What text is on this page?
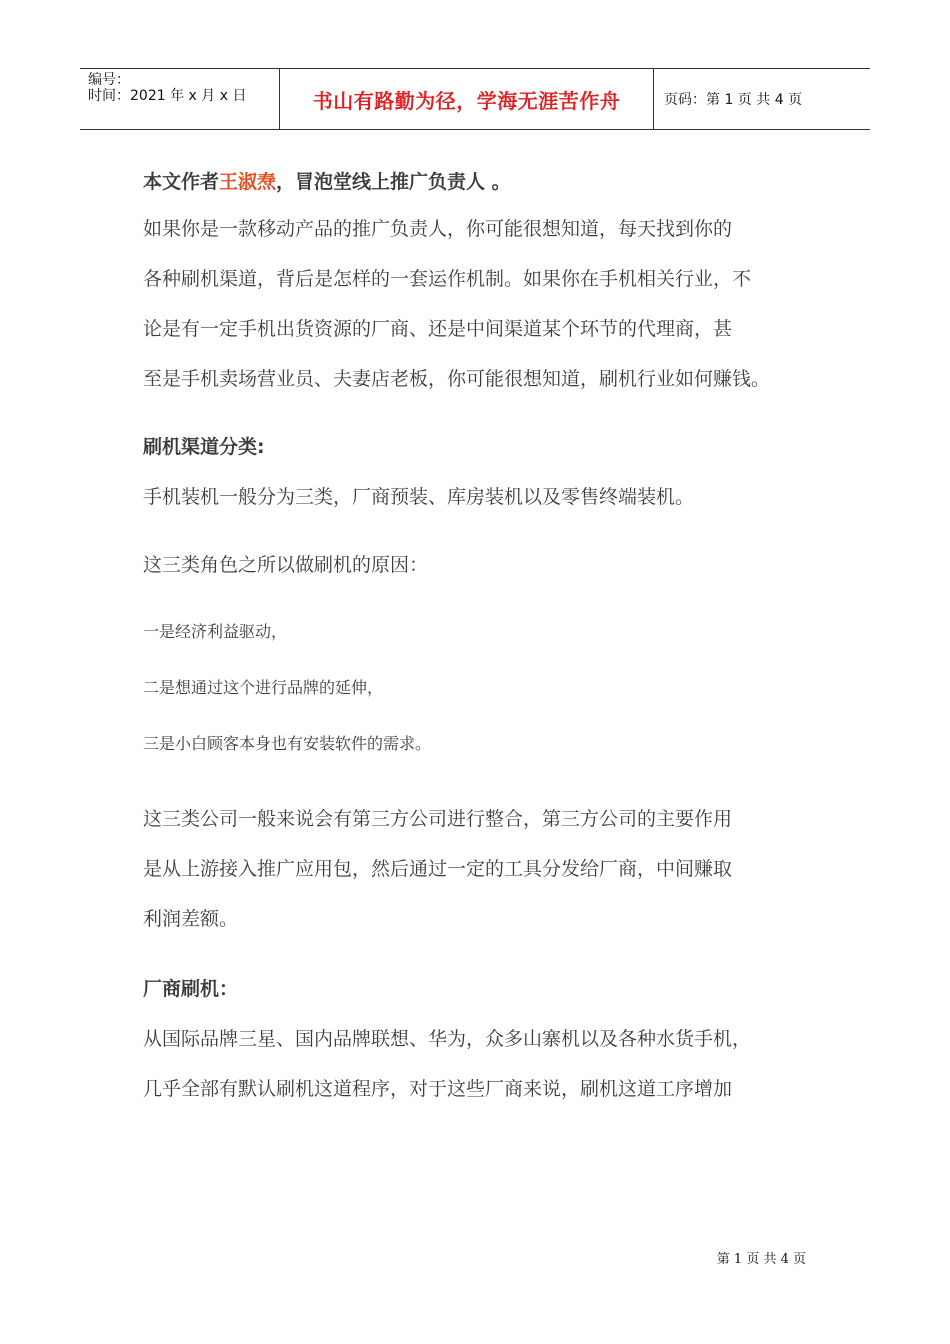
编号：
时间：2021 年 x 月 x 日	书山有路勤为径，学海无涯苦作舟	页码：第 1 页 共 4 页

本文作者王淑焘，冒泡堂线上推广负责人 。

如果你是一款移动产品的推广负责人，你可能很想知道，每天找到你的

各种刷机渠道，背后是怎样的一套运作机制。如果你在手机相关行业，不

论是有一定手机出货资源的厂商、还是中间渠道某个环节的代理商，甚

至是手机卖场营业员、夫妻店老板，你可能很想知道，刷机行业如何赚钱。

刷机渠道分类:

手机装机一般分为三类，厂商预装、库房装机以及零售终端装机。

这三类角色之所以做刷机的原因：

一是经济利益驱动，

二是想通过这个进行品牌的延伸，

三是小白顾客本身也有安装软件的需求。

这三类公司一般来说会有第三方公司进行整合，第三方公司的主要作用

是从上游接入推广应用包，然后通过一定的工具分发给厂商，中间赚取

利润差额。

厂商刷机：

从国际品牌三星、国内品牌联想、华为，众多山寨机以及各种水货手机，

几乎全部有默认刷机这道程序，对于这些厂商来说，刷机这道工序增加

第 1 页 共 4 页
